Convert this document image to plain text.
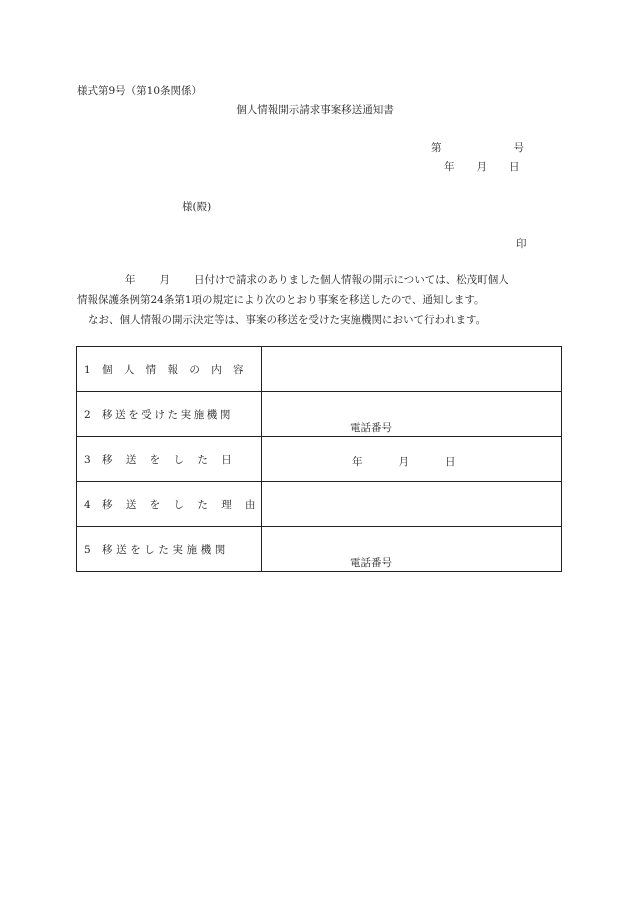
様式第9号（第10条関係）
個人情報開示請求事案移送通知書
第	号
年 月 日
様(殿)
印
年 月 日付けで請求のありました個人情報の開示については、松茂町個人
情報保護条例第24条第1項の規定により次のとおり事案を移送したので、通知します。
なお、個人情報の開示決定等は、事案の移送を受けた実施機関において行われます。
1 個 人 情 報 の 内 容	
2 移送を受けた実施機関	電話番号

3 移 送 を し た 日	年 月 日

4 移 送 を し た 理 由	
5 移送をした実施機関	電話番号
